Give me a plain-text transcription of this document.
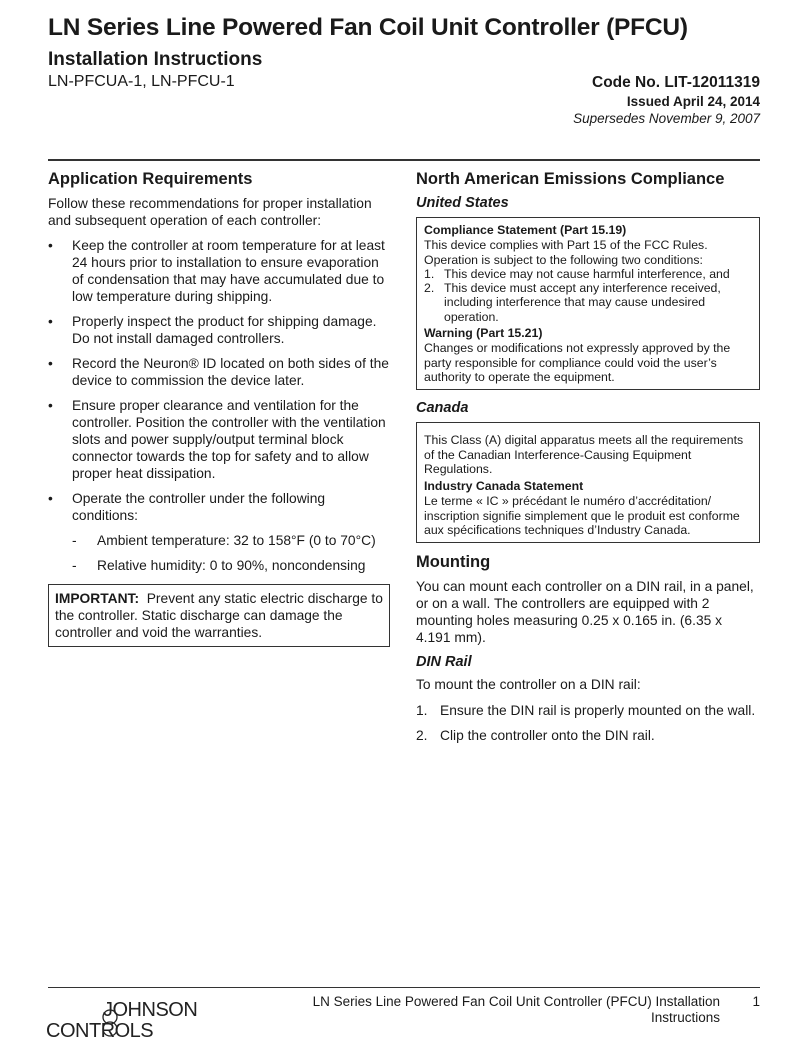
LN Series Line Powered Fan Coil Unit Controller (PFCU)
Installation Instructions
LN-PFCUA-1, LN-PFCU-1	Code No. LIT-12011319
Issued April 24, 2014
Supersedes November 9, 2007
Application Requirements

Follow these recommendations for proper installation and subsequent operation of each controller:

• Keep the controller at room temperature for at least 24 hours prior to installation to ensure evaporation of condensation that may have accumulated due to low temperature during shipping.
• Properly inspect the product for shipping damage. Do not install damaged controllers.
• Record the Neuron® ID located on both sides of the device to commission the device later.
• Ensure proper clearance and ventilation for the controller. Position the controller with the ventilation slots and power supply/output terminal block connector towards the top for safety and to allow proper heat dissipation.
• Operate the controller under the following conditions:
- Ambient temperature: 32 to 158°F (0 to 70°C)
- Relative humidity: 0 to 90%, noncondensing
IMPORTANT: Prevent any static electric discharge to the controller. Static discharge can damage the controller and void the warranties.
North American Emissions Compliance
United States
Compliance Statement (Part 15.19)
This device complies with Part 15 of the FCC Rules. Operation is subject to the following two conditions:
1. This device may not cause harmful interference, and
2. This device must accept any interference received, including interference that may cause undesired operation.
Warning (Part 15.21)
Changes or modifications not expressly approved by the party responsible for compliance could void the user’s authority to operate the equipment.
Canada
This Class (A) digital apparatus meets all the requirements of the Canadian Interference-Causing Equipment Regulations.
Industry Canada Statement
Le terme « IC » précédant le numéro d’accréditation/ inscription signifie simplement que le produit est conforme aux spécifications techniques d’Industry Canada.
Mounting

You can mount each controller on a DIN rail, in a panel, or on a wall. The controllers are equipped with 2 mounting holes measuring 0.25 x 0.165 in. (6.35 x 4.191 mm).

DIN Rail

To mount the controller on a DIN rail:

1. Ensure the DIN rail is properly mounted on the wall.
2. Clip the controller onto the DIN rail.
JOHNSON
CONTROLS
LN Series Line Powered Fan Coil Unit Controller (PFCU) Installation Instructions
1
